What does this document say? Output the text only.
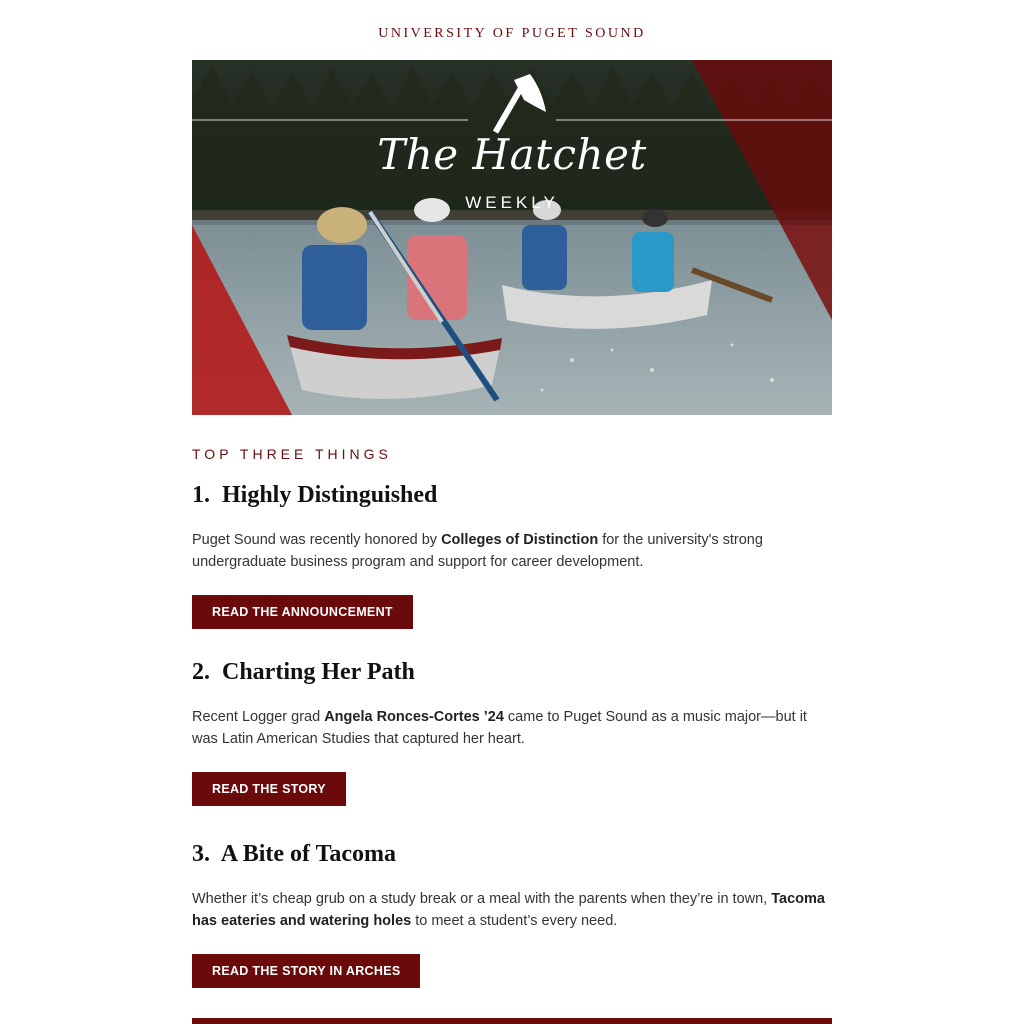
UNIVERSITY OF PUGET SOUND
The Hatchet
WEEKLY
TOP THREE THINGS
1. Highly Distinguished

Puget Sound was recently honored by Colleges of Distinction for the university's strong undergraduate business program and support for career development.

READ THE ANNOUNCEMENT
2. Charting Her Path

Recent Logger grad Angela Ronces-Cortes ’24 came to Puget Sound as a music major—but it was Latin American Studies that captured her heart.

READ THE STORY
3. A Bite of Tacoma

Whether it’s cheap grub on a study break or a meal with the parents when they’re in town, Tacoma has eateries and watering holes to meet a student’s every need.

READ THE STORY IN ARCHES
